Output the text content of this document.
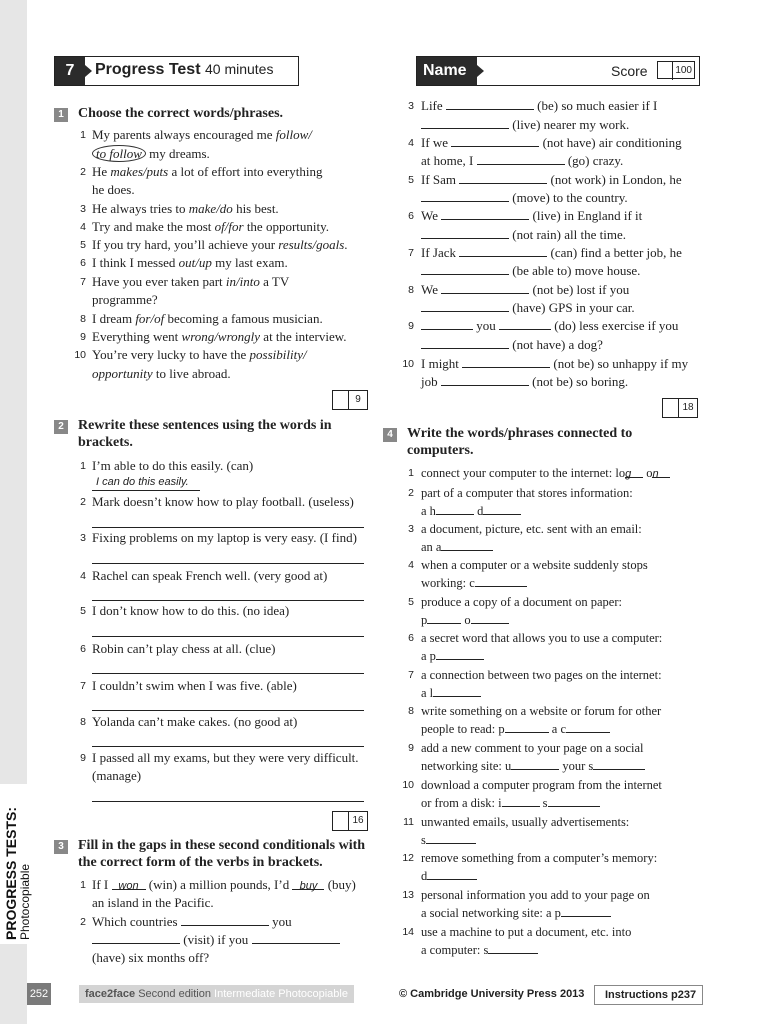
PROGRESS TESTS: Photocopiable
7	Progress Test 40 minutes	Name	Score	100
1	Choose the correct words/phrases.
1 My parents always encouraged me follow/
to follow my dreams.
2 He makes/puts a lot of effort into everything
he does.
3 He always tries to make/do his best.
4 Try and make the most of/for the opportunity.
5 If you try hard, you’ll achieve your results/goals.
6 I think I messed out/up my last exam.
7 Have you ever taken part in/into a TV
programme?
8 I dream for/of becoming a famous musician.
9 Everything went wrong/wrongly at the interview.
10 You’re very lucky to have the possibility/
opportunity to live abroad.
9
2	Rewrite these sentences using the words in
brackets.
1 I’m able to do this easily. (can)
I can do this easily.
2 Mark doesn’t know how to play football. (useless)
3 Fixing problems on my laptop is very easy. (I find)
4 Rachel can speak French well. (very good at)
5 I don’t know how to do this. (no idea)
6 Robin can’t play chess at all. (clue)
7 I couldn’t swim when I was five. (able)
8 Yolanda can’t make cakes. (no good at)
9 I passed all my exams, but they were very difficult.
(manage)
16
3	Fill in the gaps in these second conditionals with
the correct form of the verbs in brackets.
1 If I won (win) a million pounds, I’d buy (buy)
an island in the Pacific.
2 Which countries	you
(visit) if you
(have) six months off?
3 Life	(be) so much easier if I
(live) nearer my work.
4 If we	(not have) air conditioning
at home, I	(go) crazy.
5 If Sam	(not work) in London, he
(move) to the country.
6 We	(live) in England if it
(not rain) all the time.
7 If Jack	(can) find a better job, he
(be able to) move house.
8 We	(not be) lost if you
(have) GPS in your car.
9	you	(do) less exercise if you
(not have) a dog?
10 I might	(not be) so unhappy if my
job	(not be) so boring.
18
4	Write the words/phrases connected to
computers.
1 connect your computer to the internet: log on
2 part of a computer that stores information:
a h	d
3 a document, picture, etc. sent with an email:
an a
4 when a computer or a website suddenly stops
working: c
5 produce a copy of a document on paper:
p	o
6 a secret word that allows you to use a computer:
a p
7 a connection between two pages on the internet:
a l
8 write something on a website or forum for other
people to read: p	a c
9 add a new comment to your page on a social
networking site: u	your s
10 download a computer program from the internet
or from a disk: i	s
11 unwanted emails, usually advertisements:
s
12 remove something from a computer’s memory:
d
13 personal information you add to your page on
a social networking site: a p
14 use a machine to put a document, etc. into
a computer: s
252	face2face Second edition Intermediate Photocopiable	© Cambridge University Press 2013	Instructions p237
